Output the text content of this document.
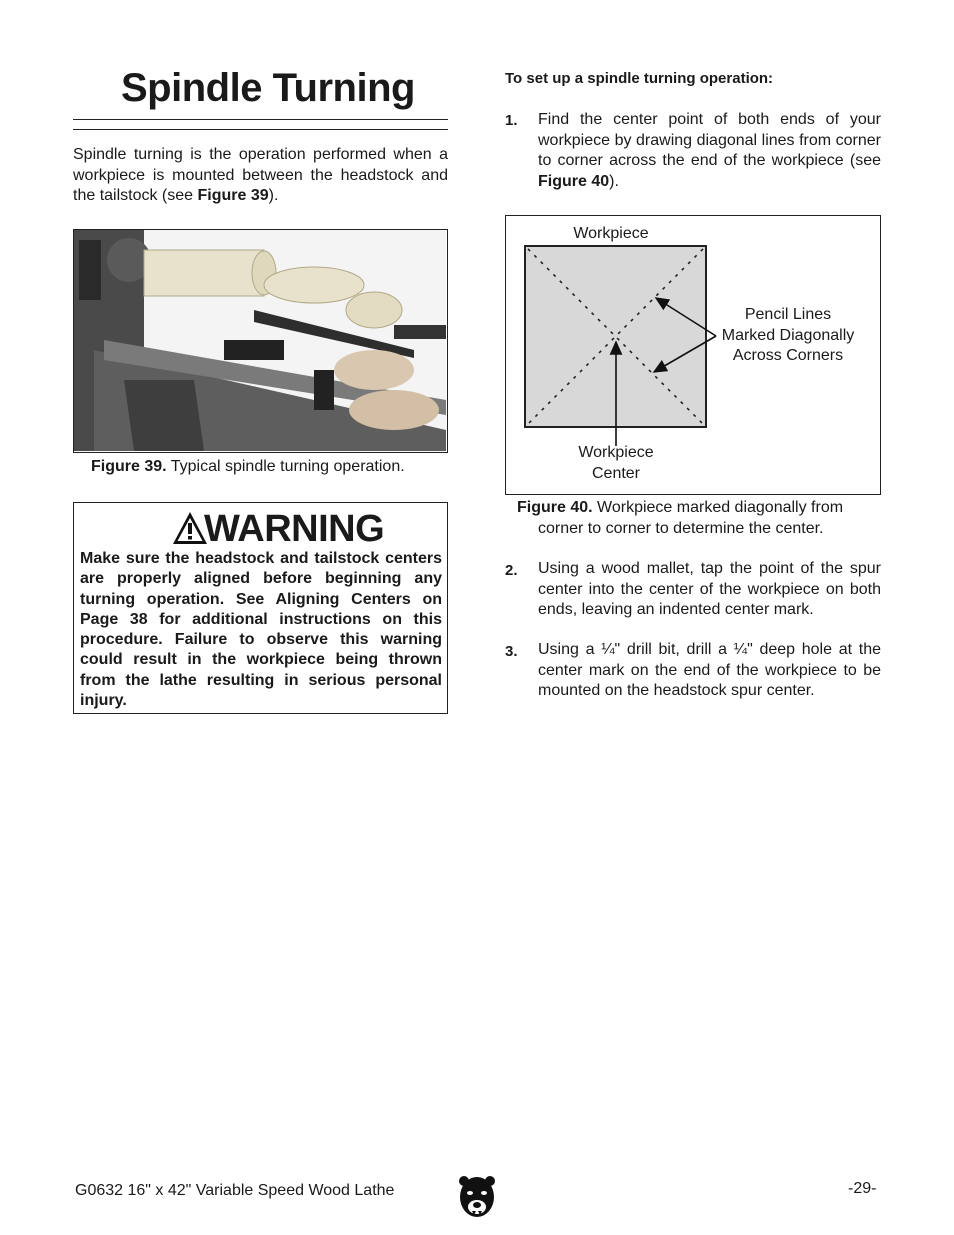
Spindle Turning
Spindle turning is the operation performed when a workpiece is mounted between the headstock and the tailstock (see Figure 39).
Figure 39. Typical spindle turning operation.
WARNING
Make sure the headstock and tailstock centers are properly aligned before beginning any turning operation. See Aligning Centers on Page 38 for additional instructions on this procedure. Failure to observe this warning could result in the workpiece being thrown from the lathe resulting in serious personal injury.
To set up a spindle turning operation:
1. Find the center point of both ends of your workpiece by drawing diagonal lines from corner to corner across the end of the workpiece (see Figure 40).
Workpiece
Pencil Lines
Marked Diagonally
Across Corners
Workpiece
Center
Figure 40. Workpiece marked diagonally from
corner to corner to determine the center.
2. Using a wood mallet, tap the point of the spur center into the center of the workpiece on both ends, leaving an indented center mark.
3. Using a ¼" drill bit, drill a ¼" deep hole at the center mark on the end of the workpiece to be mounted on the headstock spur center.
G0632 16" x 42" Variable Speed Wood Lathe	-29-
